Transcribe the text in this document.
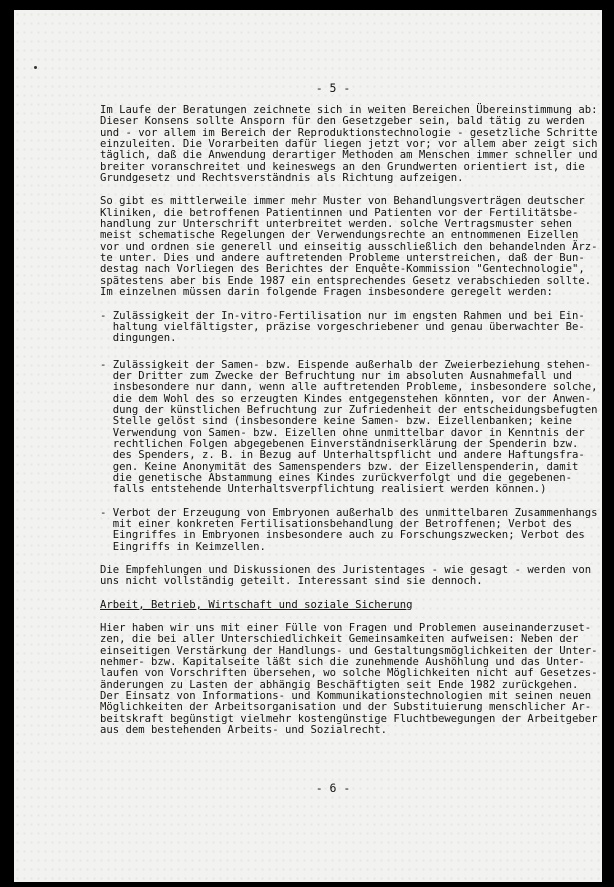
- 5 -
Im Laufe der Beratungen zeichnete sich in weiten Bereichen Übereinstimmung ab:
Dieser Konsens sollte Ansporn für den Gesetzgeber sein, bald tätig zu werden
und - vor allem im Bereich der Reproduktionstechnologie - gesetzliche Schritte
einzuleiten. Die Vorarbeiten dafür liegen jetzt vor; vor allem aber zeigt sich
täglich, daß die Anwendung derartiger Methoden am Menschen immer schneller und
breiter voranschreitet und keineswegs an den Grundwerten orientiert ist, die
Grundgesetz und Rechtsverständnis als Richtung aufzeigen.
So gibt es mittlerweile immer mehr Muster von Behandlungsverträgen deutscher
Kliniken, die betroffenen Patientinnen und Patienten vor der Fertilitätsbe-
handlung zur Unterschrift unterbreitet werden. solche Vertragsmuster sehen
meist schematische Regelungen der Verwendungsrechte an entnommenen Eizellen
vor und ordnen sie generell und einseitig ausschließlich den behandelnden Ärz-
te unter. Dies und andere auftretenden Probleme unterstreichen, daß der Bun-
destag nach Vorliegen des Berichtes der Enquête-Kommission "Gentechnologie",
spätestens aber bis Ende 1987 ein entsprechendes Gesetz verabschieden sollte.
Im einzelnen müssen darin folgende Fragen insbesondere geregelt werden:
- Zulässigkeit der In-vitro-Fertilisation nur im engsten Rahmen und bei Ein-
haltung vielfältigster, präzise vorgeschriebener und genau überwachter Be-
dingungen.
- Zulässigkeit der Samen- bzw. Eispende außerhalb der Zweierbeziehung stehen-
der Dritter zum Zwecke der Befruchtung nur im absoluten Ausnahmefall und
insbesondere nur dann, wenn alle auftretenden Probleme, insbesondere solche,
die dem Wohl des so erzeugten Kindes entgegenstehen könnten, vor der Anwen-
dung der künstlichen Befruchtung zur Zufriedenheit der entscheidungsbefugten
Stelle gelöst sind (insbesondere keine Samen- bzw. Eizellenbanken; keine
Verwendung von Samen- bzw. Eizellen ohne unmittelbar davor in Kenntnis der
rechtlichen Folgen abgegebenen Einverständniserklärung der Spenderin bzw.
des Spenders, z. B. in Bezug auf Unterhaltspflicht und andere Haftungsfra-
gen. Keine Anonymität des Samenspenders bzw. der Eizellenspenderin, damit
die genetische Abstammung eines Kindes zurückverfolgt und die gegebenen-
falls entstehende Unterhaltsverpflichtung realisiert werden können.)
- Verbot der Erzeugung von Embryonen außerhalb des unmittelbaren Zusammenhangs
mit einer konkreten Fertilisationsbehandlung der Betroffenen; Verbot des
Eingriffes in Embryonen insbesondere auch zu Forschungszwecken; Verbot des
Eingriffs in Keimzellen.
Die Empfehlungen und Diskussionen des Juristentages - wie gesagt - werden von
uns nicht vollständig geteilt. Interessant sind sie dennoch.
Arbeit, Betrieb, Wirtschaft und soziale Sicherung
Hier haben wir uns mit einer Fülle von Fragen und Problemen auseinanderzuset-
zen, die bei aller Unterschiedlichkeit Gemeinsamkeiten aufweisen: Neben der
einseitigen Verstärkung der Handlungs- und Gestaltungsmöglichkeiten der Unter-
nehmer- bzw. Kapitalseite läßt sich die zunehmende Aushöhlung und das Unter-
laufen von Vorschriften übersehen, wo solche Möglichkeiten nicht auf Gesetzes-
änderungen zu Lasten der abhängig Beschäftigten seit Ende 1982 zurückgehen.
Der Einsatz von Informations- und Kommunikationstechnologien mit seinen neuen
Möglichkeiten der Arbeitsorganisation und der Substituierung menschlicher Ar-
beitskraft begünstigt vielmehr kostengünstige Fluchtbewegungen der Arbeitgeber
aus dem bestehenden Arbeits- und Sozialrecht.
- 6 -
